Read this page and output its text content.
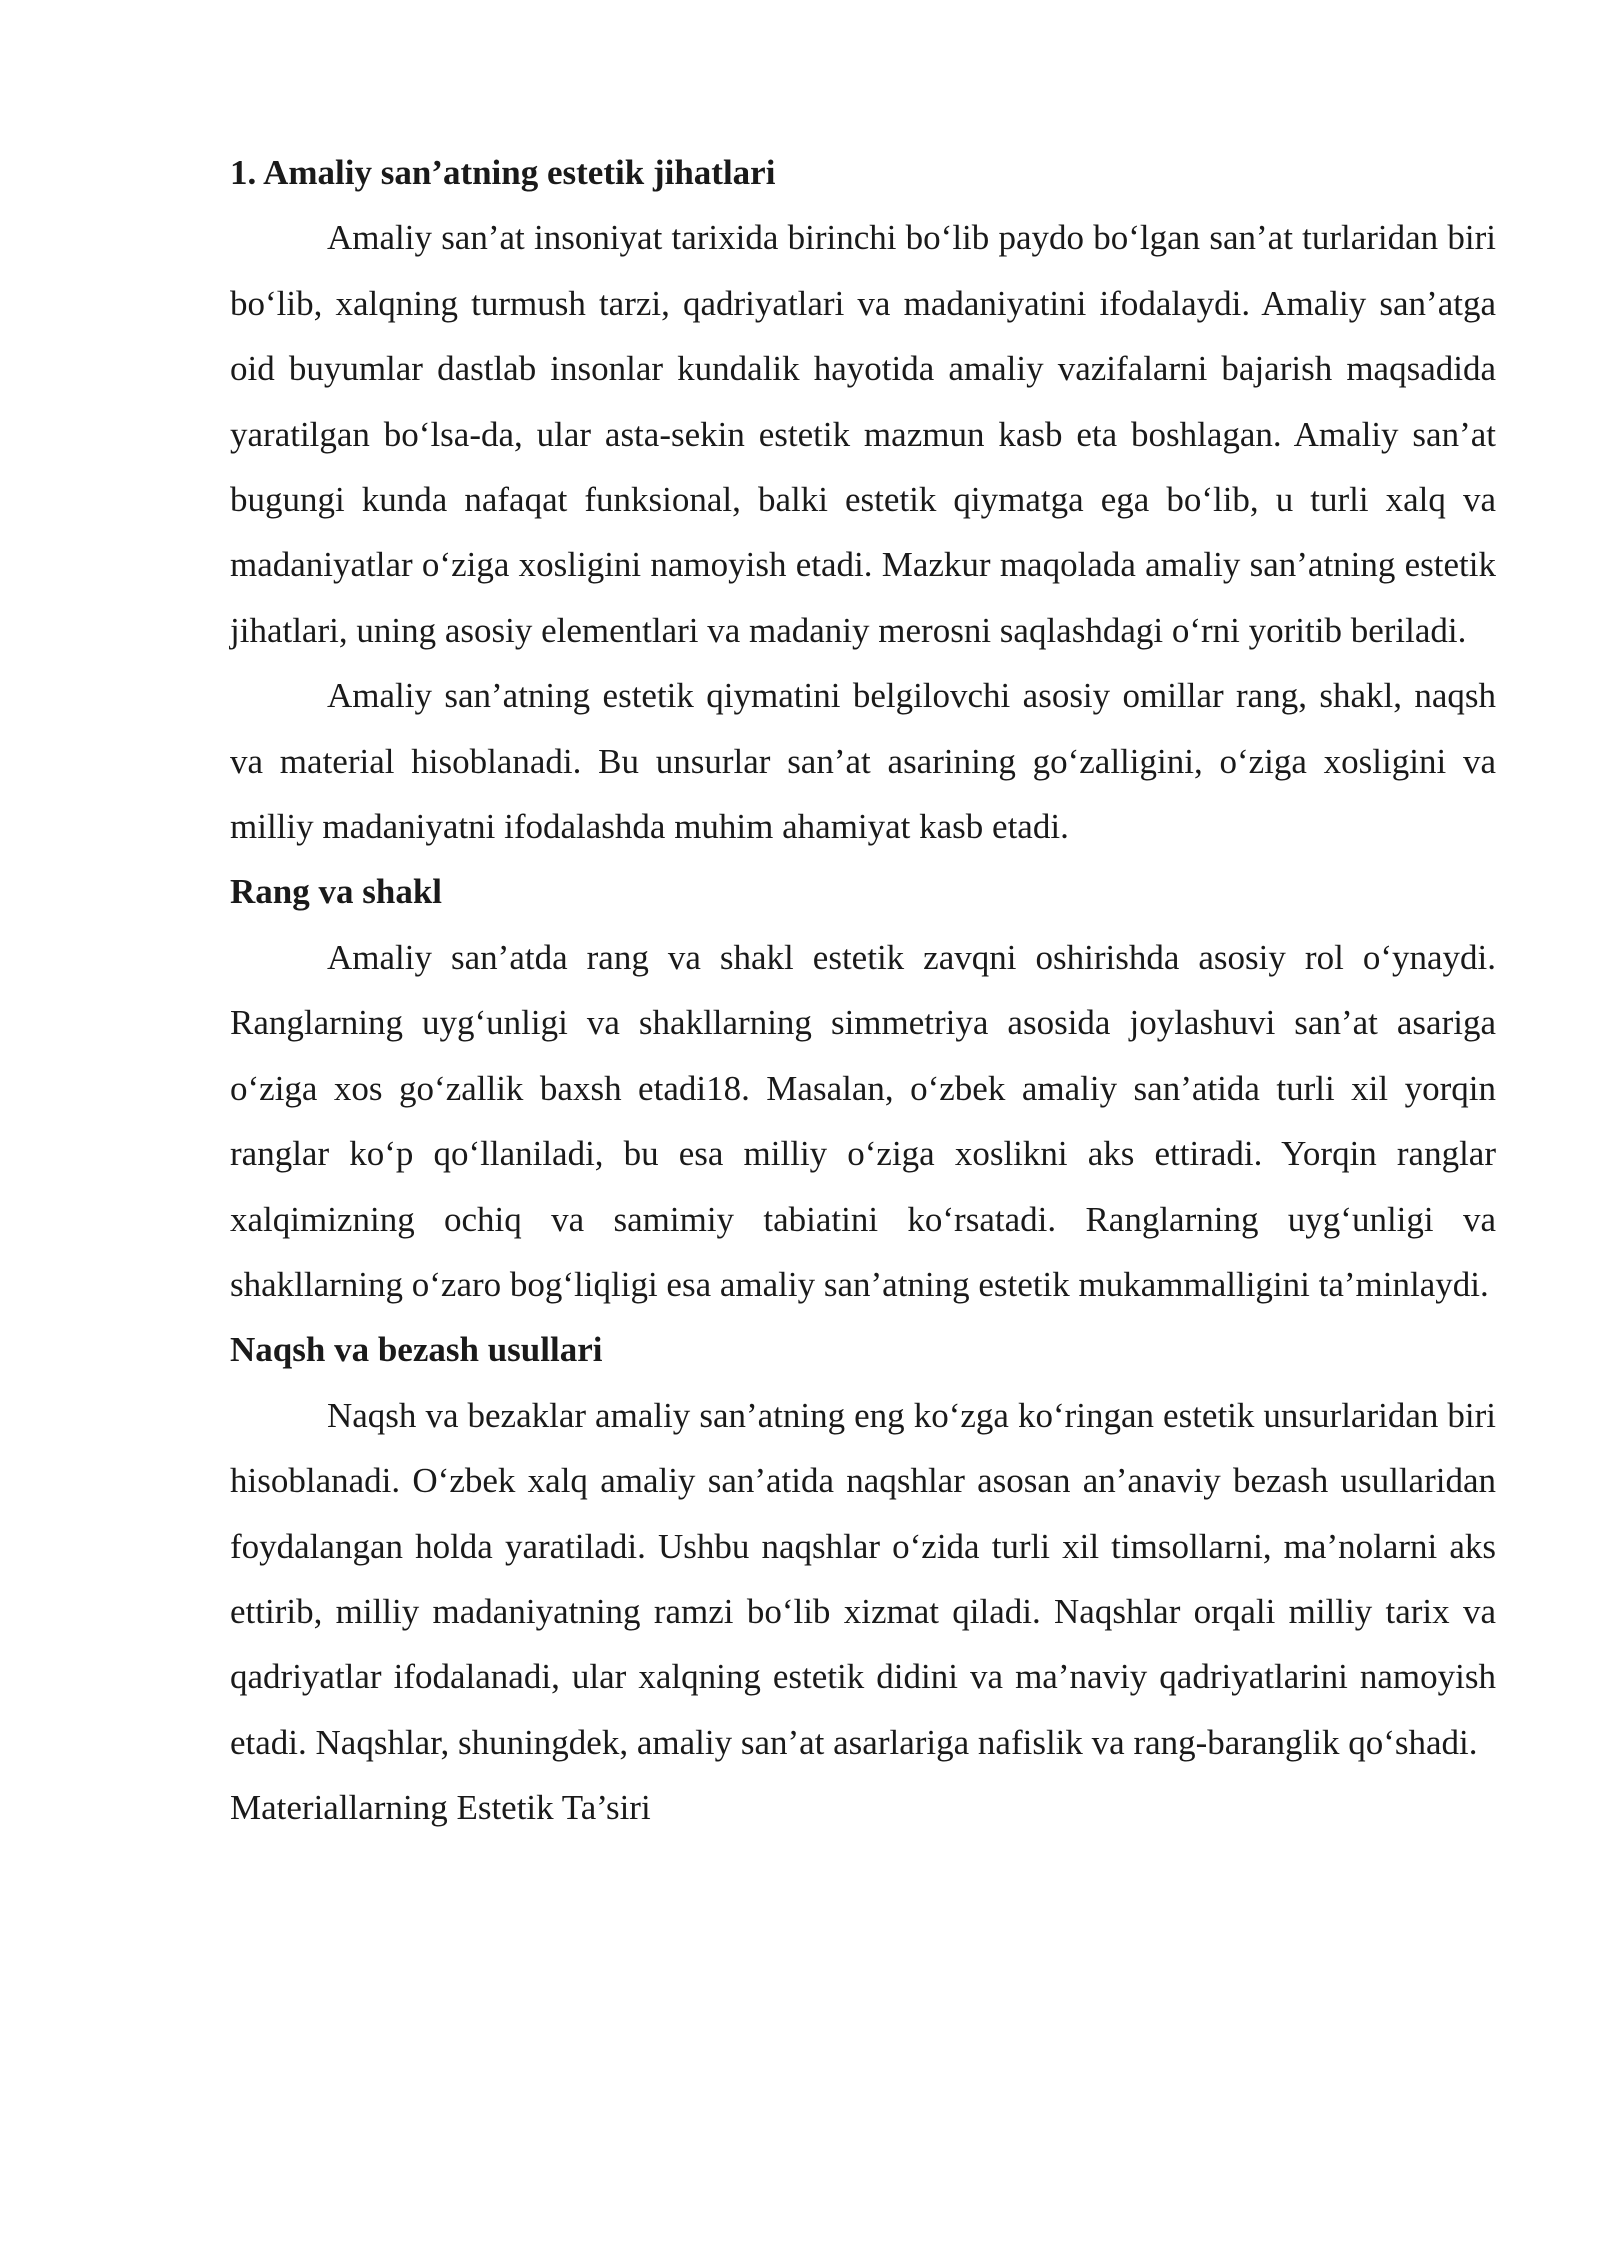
1. Amaliy san’atning estetik jihatlari

Amaliy san’at insoniyat tarixida birinchi bo‘lib paydo bo‘lgan san’at turlaridan biri bo‘lib, xalqning turmush tarzi, qadriyatlari va madaniyatini ifodalaydi. Amaliy san’atga oid buyumlar dastlab insonlar kundalik hayotida amaliy vazifalarni bajarish maqsadida yaratilgan bo‘lsa-da, ular asta-sekin estetik mazmun kasb eta boshlagan. Amaliy san’at bugungi kunda nafaqat funksional, balki estetik qiymatga ega bo‘lib, u turli xalq va madaniyatlar o‘ziga xosligini namoyish etadi. Mazkur maqolada amaliy san’atning estetik jihatlari, uning asosiy elementlari va madaniy merosni saqlashdagi o‘rni yoritib beriladi.

Amaliy san’atning estetik qiymatini belgilovchi asosiy omillar rang, shakl, naqsh va material hisoblanadi. Bu unsurlar san’at asarining go‘zalligini, o‘ziga xosligini va milliy madaniyatni ifodalashda muhim ahamiyat kasb etadi.

Rang va shakl

Amaliy san’atda rang va shakl estetik zavqni oshirishda asosiy rol o‘ynaydi. Ranglarning uyg‘unligi va shakllarning simmetriya asosida joylashuvi san’at asariga o‘ziga xos go‘zallik baxsh etadi18. Masalan, o‘zbek amaliy san’atida turli xil yorqin ranglar ko‘p qo‘llaniladi, bu esa milliy o‘ziga xoslikni aks ettiradi. Yorqin ranglar xalqimizning ochiq va samimiy tabiatini ko‘rsatadi. Ranglarning uyg‘unligi va shakllarning o‘zaro bog‘liqligi esa amaliy san’atning estetik mukammalligini ta’minlaydi.

Naqsh va bezash usullari

Naqsh va bezaklar amaliy san’atning eng ko‘zga ko‘ringan estetik unsurlaridan biri hisoblanadi. O‘zbek xalq amaliy san’atida naqshlar asosan an’anaviy bezash usullaridan foydalangan holda yaratiladi. Ushbu naqshlar o‘zida turli xil timsollarni, ma’nolarni aks ettirib, milliy madaniyatning ramzi bo‘lib xizmat qiladi. Naqshlar orqali milliy tarix va qadriyatlar ifodalanadi, ular xalqning estetik didini va ma’naviy qadriyatlarini namoyish etadi. Naqshlar, shuningdek, amaliy san’at asarlariga nafislik va rang-baranglik qo‘shadi.

Materiallarning Estetik Ta’siri
